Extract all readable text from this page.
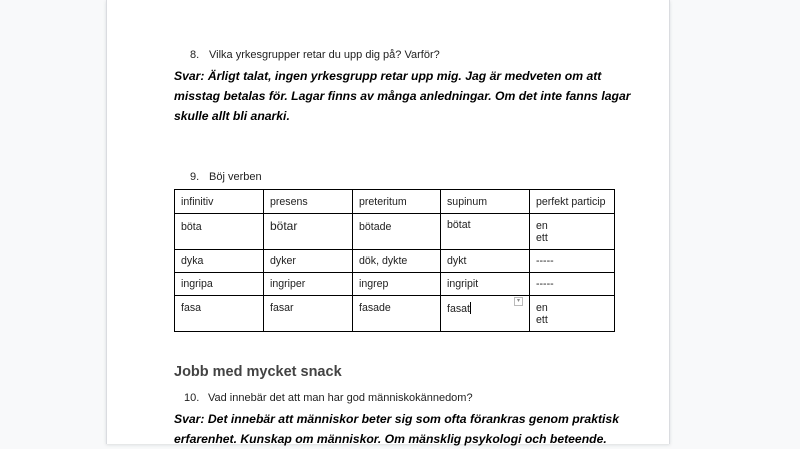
8. Vilka yrkesgrupper retar du upp dig på? Varför?
Svar: Ärligt talat, ingen yrkesgrupp retar upp mig. Jag är medveten om att
misstag betalas för. Lagar finns av många anledningar. Om det inte fanns lagar
skulle allt bli anarki.
9. Böj verben
infinitiv	presens	preteritum	supinum	perfekt particip
böta	bötar	bötade	bötat	en
ett

dyka	dyker	dök, dykte	dykt	-----
ingripa	ingriper	ingrep	ingripit	-----
fasa	fasar	fasade	fasat	en
ett
▾
Jobb med mycket snack
10. Vad innebär det att man har god människokännedom?
Svar: Det innebär att människor beter sig som ofta förankras genom praktisk
erfarenhet. Kunskap om människor. Om mänsklig psykologi och beteende.
